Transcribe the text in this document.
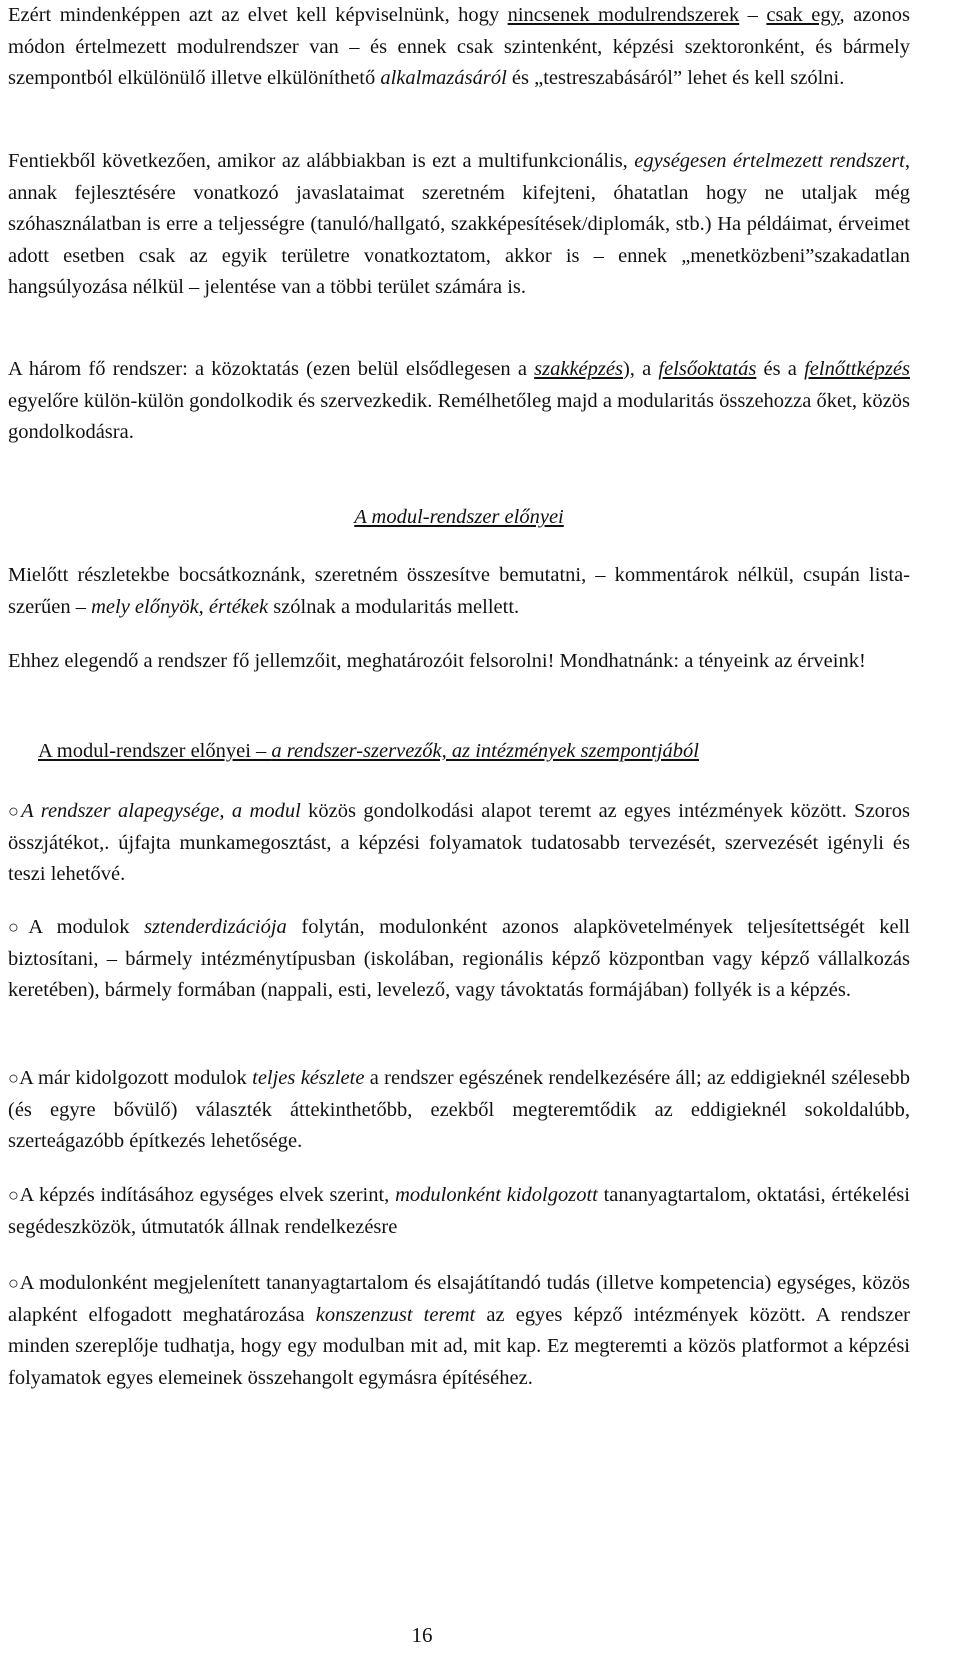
Ezért mindenképpen azt az elvet kell képviselnünk, hogy nincsenek modulrendszerek – csak egy, azonos módon értelmezett modulrendszer van – és ennek csak szintenként, képzési szektoronként, és bármely szempontból elkülönülő illetve elkülöníthető alkalmazásáról és „testreszabásáról” lehet és kell szólni.

Fentiekből következően, amikor az alábbiakban is ezt a multifunkcionális, egységesen értelmezett rendszert, annak fejlesztésére vonatkozó javaslataimat szeretném kifejteni, óhatatlan hogy ne utaljak még szóhasználatban is erre a teljességre (tanuló/hallgató, szakképesítések/diplomák, stb.) Ha példáimat, érveimet adott esetben csak az egyik területre vonatkoztatom, akkor is – ennek „menetközbeni”szakadatlan hangsúlyozása nélkül – jelentése van a többi terület számára is.

A három fő rendszer: a közoktatás (ezen belül elsődlegesen a szakképzés), a felsőoktatás és a felnőttképzés egyelőre külön-külön gondolkodik és szervezkedik. Remélhetőleg majd a modularitás összehozza őket, közös gondolkodásra.

A modul-rendszer előnyei

Mielőtt részletekbe bocsátkoznánk, szeretném összesítve bemutatni, – kommentárok nélkül, csupán lista-szerűen – mely előnyök, értékek szólnak a modularitás mellett.

Ehhez elegendő a rendszer fő jellemzőit, meghatározóit felsorolni! Mondhatnánk: a tényeink az érveink!

A modul-rendszer előnyei – a rendszer-szervezők, az intézmények szempontjából

○A rendszer alapegysége, a modul közös gondolkodási alapot teremt az egyes intézmények között. Szoros összjátékot,. újfajta munkamegosztást, a képzési folyamatok tudatosabb tervezését, szervezését igényli és teszi lehetővé.

○A modulok sztenderdizációja folytán, modulonként azonos alapkövetelmények teljesítettségét kell biztosítani, – bármely intézménytípusban (iskolában, regionális képző központban vagy képző vállalkozás keretében), bármely formában (nappali, esti, levelező, vagy távoktatás formájában) follyék is a képzés.

○A már kidolgozott modulok teljes készlete a rendszer egészének rendelkezésére áll; az eddigieknél szélesebb (és egyre bővülő) választék áttekinthetőbb, ezekből megteremtődik az eddigieknél sokoldalúbb, szerteágazóbb építkezés lehetősége.

○A képzés indításához egységes elvek szerint, modulonként kidolgozott tananyagtartalom, oktatási, értékelési segédeszközök, útmutatók állnak rendelkezésre

○A modulonként megjelenített tananyagtartalom és elsajátítandó tudás (illetve kompetencia) egységes, közös alapként elfogadott meghatározása konszenzust teremt az egyes képző intézmények között. A rendszer minden szereplője tudhatja, hogy egy modulban mit ad, mit kap. Ez megteremti a közös platformot a képzési folyamatok egyes elemeinek összehangolt egymásra építéséhez.

16
